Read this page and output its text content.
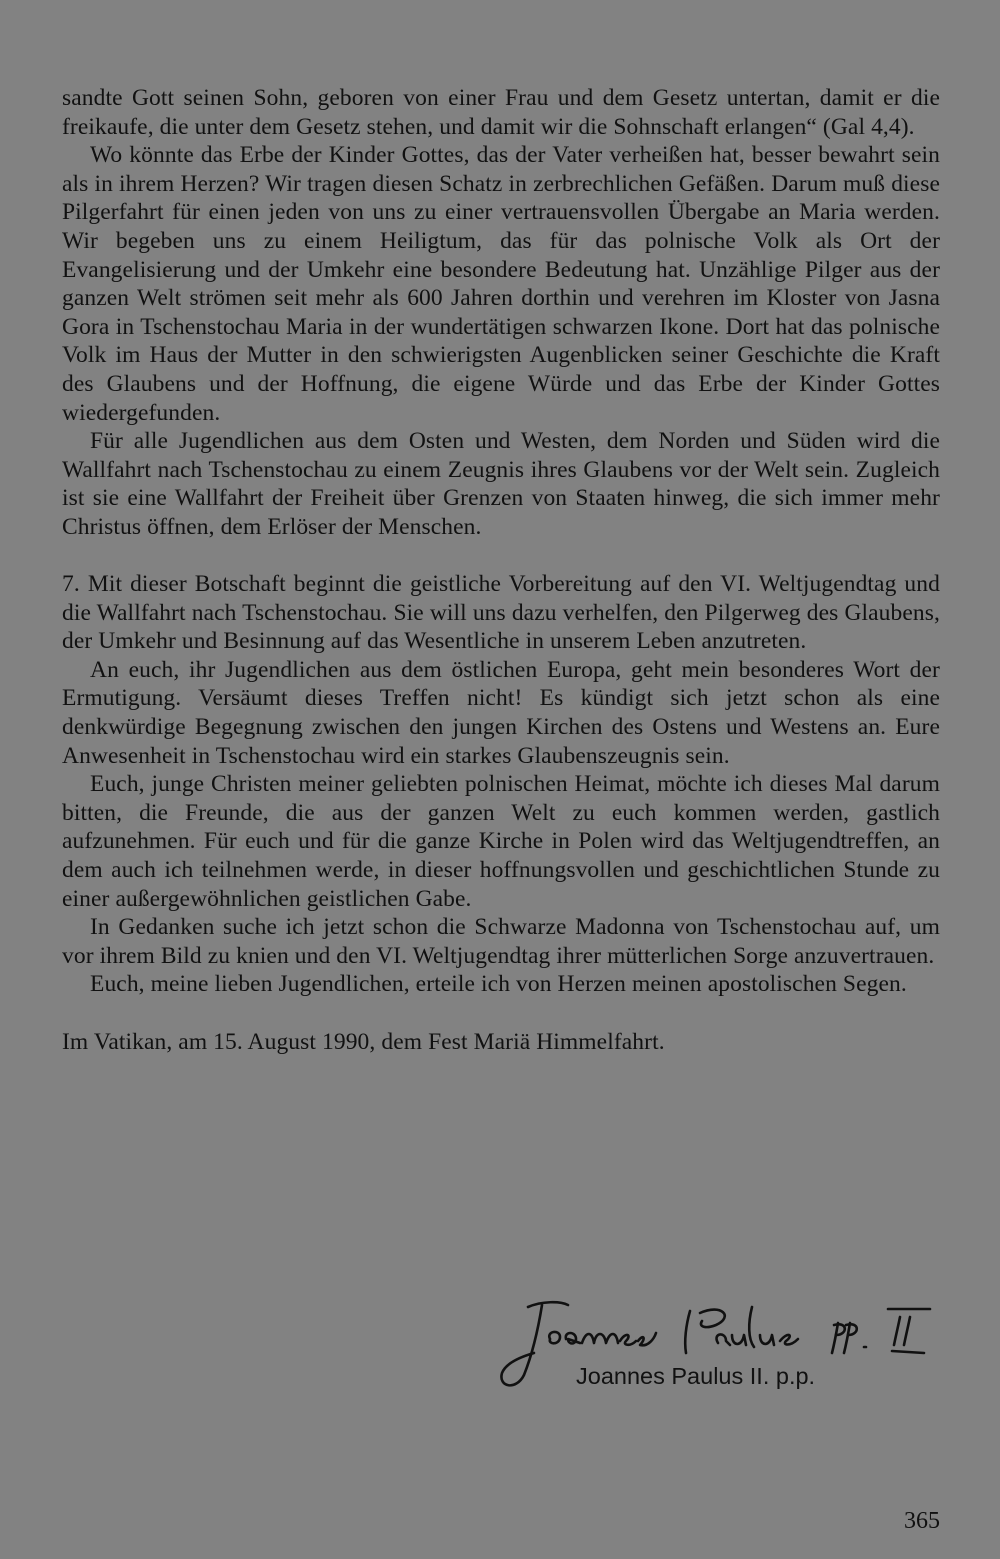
sandte Gott seinen Sohn, geboren von einer Frau und dem Gesetz untertan, damit er die freikaufe, die unter dem Gesetz stehen, und damit wir die Sohnschaft erlangen“ (Gal 4,4).

Wo könnte das Erbe der Kinder Gottes, das der Vater verheißen hat, besser bewahrt sein als in ihrem Herzen? Wir tragen diesen Schatz in zerbrechlichen Gefäßen. Darum muß diese Pilgerfahrt für einen jeden von uns zu einer vertrauensvollen Übergabe an Maria werden. Wir begeben uns zu einem Heiligtum, das für das polnische Volk als Ort der Evangelisierung und der Umkehr eine besondere Bedeutung hat. Unzählige Pilger aus der ganzen Welt strömen seit mehr als 600 Jahren dorthin und verehren im Kloster von Jasna Gora in Tschenstochau Maria in der wundertätigen schwarzen Ikone. Dort hat das polnische Volk im Haus der Mutter in den schwierigsten Augenblicken seiner Geschichte die Kraft des Glaubens und der Hoffnung, die eigene Würde und das Erbe der Kinder Gottes wiedergefunden.

Für alle Jugendlichen aus dem Osten und Westen, dem Norden und Süden wird die Wallfahrt nach Tschenstochau zu einem Zeugnis ihres Glaubens vor der Welt sein. Zugleich ist sie eine Wallfahrt der Freiheit über Grenzen von Staaten hinweg, die sich immer mehr Christus öffnen, dem Erlöser der Menschen.

7. Mit dieser Botschaft beginnt die geistliche Vorbereitung auf den VI. Weltjugendtag und die Wallfahrt nach Tschenstochau. Sie will uns dazu verhelfen, den Pilgerweg des Glaubens, der Umkehr und Besinnung auf das Wesentliche in unserem Leben anzutreten.

An euch, ihr Jugendlichen aus dem östlichen Europa, geht mein besonderes Wort der Ermutigung. Versäumt dieses Treffen nicht! Es kündigt sich jetzt schon als eine denkwürdige Begegnung zwischen den jungen Kirchen des Ostens und Westens an. Eure Anwesenheit in Tschenstochau wird ein starkes Glaubenszeugnis sein.

Euch, junge Christen meiner geliebten polnischen Heimat, möchte ich dieses Mal darum bitten, die Freunde, die aus der ganzen Welt zu euch kommen werden, gastlich aufzunehmen. Für euch und für die ganze Kirche in Polen wird das Weltjugendtreffen, an dem auch ich teilnehmen werde, in dieser hoffnungsvollen und geschichtlichen Stunde zu einer außergewöhnlichen geistlichen Gabe.

In Gedanken suche ich jetzt schon die Schwarze Madonna von Tschenstochau auf, um vor ihrem Bild zu knien und den VI. Weltjugendtag ihrer mütterlichen Sorge anzuvertrauen.

Euch, meine lieben Jugendlichen, erteile ich von Herzen meinen apostolischen Segen.

Im Vatikan, am 15. August 1990, dem Fest Mariä Himmelfahrt.

Joannes Paulus II. p.p.
365
